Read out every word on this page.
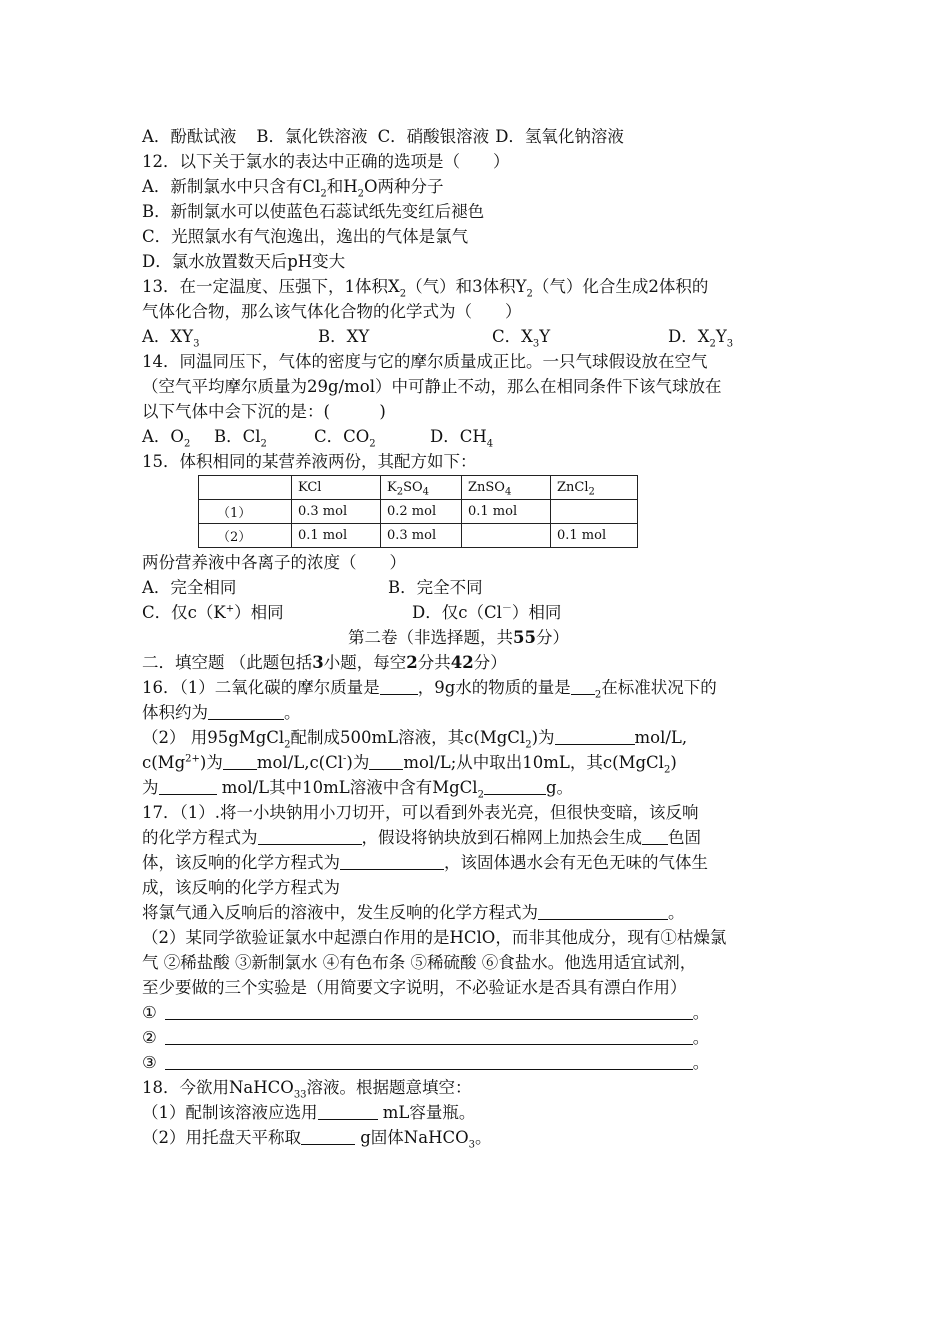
A．酚酞试液 B．氯化铁溶液 C．硝酸银溶液 D．氢氧化钠溶液
12．以下关于氯水的表达中正确的选项是（　　）
A．新制氯水中只含有$Cl_2$和$H_2O$两种分子
B．新制氯水可以使蓝色石蕊试纸先变红后褪色
C．光照氯水有气泡逸出，逸出的气体是氯气
D．氯水放置数天后pH变大
13．在一定温度、压强下，1体积$X_2$（气）和3体积$Y_2$（气）化合生成2体积的
气体化合物，那么该气体化合物的化学式为（　　）
A．$XY_3$	B．XY	C．$X_3Y$	D．$X_2Y_3$
14．同温同压下，气体的密度与它的摩尔质量成正比。一只气球假设放在空气
（空气平均摩尔质量为29g/mol）中可静止不动，那么在相同条件下该气球放在
以下气体中会下沉的是：(　　　)
A．$O_2$ B．$Cl_2$	C．$CO_2$	D．$CH_4$
15．体积相同的某营养液两份，其配方如下：
	KCl	$K_2SO_4$	ZnSO$_4$	ZnCl$_2$
（1）	0.3 mol	0.2 mol	0.1 mol	
（2）	0.1 mol	0.3 mol		0.1 mol
两份营养液中各离子的浓度（　　）
A．完全相同	B．完全不同
C．仅c（K+）相同	D．仅c（Cl－）相同
第二卷（非选择题，共55分）
二．填空题 （此题包括3小题，每空2分共42分）
16．（1）二氧化碳的摩尔质量是 ，9g水的物质的量是 $_2$在标准状况下的
体积约为	。
（2） 用95gMgCl$_2$配制成500mL溶液，其c(MgCl$_2$)为	mol/L,
$c(Mg^{2+})$为 mol/L,c(Cl-)为 mol/L;从中取出10mL，其c(MgCl$_2$)
为	mol/L其中10mL溶液中含有MgCl$_2$	g。
17．（1）.将一小块钠用小刀切开，可以看到外表光亮，但很快变暗，该反响
的化学方程式为	，假设将钠块放到石棉网上加热会生成 色固
体，该反响的化学方程式为	，该固体遇水会有无色无味的气体生
成，该反响的化学方程式为
将氯气通入反响后的溶液中，发生反响的化学方程式为	。
（2）某同学欲验证氯水中起漂白作用的是HClO，而非其他成分，现有①枯燥氯
气 ②稀盐酸 ③新制氯水 ④有色布条 ⑤稀硫酸 ⑥食盐水。他选用适宜试剂，
至少要做的三个实验是（用简要文字说明，不必验证水是否具有漂白作用）
①	。
②	。
③	。
18．今欲用NaHCO$_{33}$溶液。根据题意填空：
（1）配制该溶液应选用	mL容量瓶。
（2）用托盘天平称取	g固体NaHCO$_3$。
